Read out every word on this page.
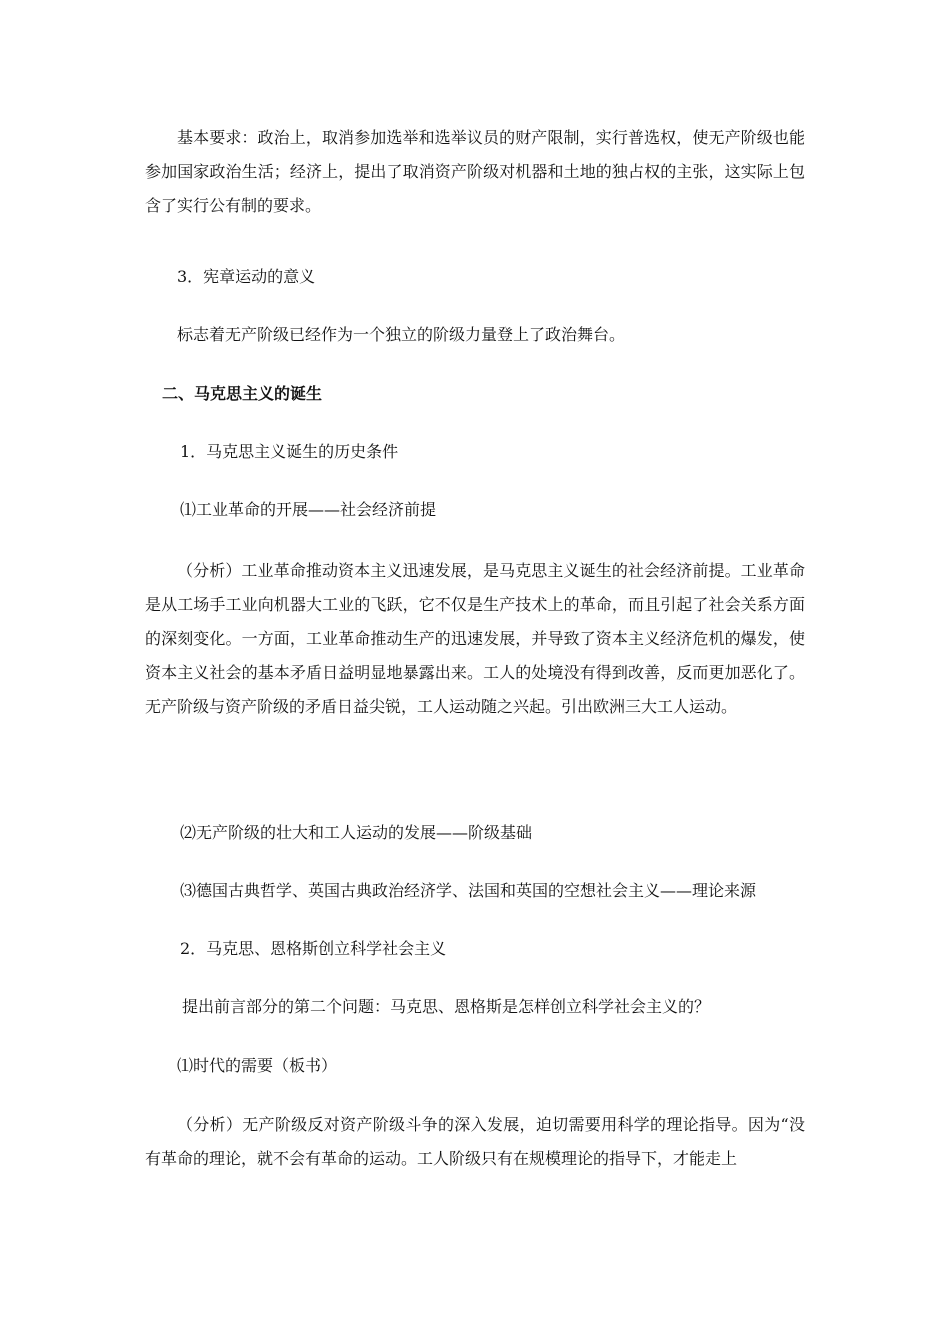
基本要求：政治上，取消参加选举和选举议员的财产限制，实行普选权，使无产阶级也能参加国家政治生活；经济上，提出了取消资产阶级对机器和土地的独占权的主张，这实际上包含了实行公有制的要求。

3．宪章运动的意义

标志着无产阶级已经作为一个独立的阶级力量登上了政治舞台。

二、马克思主义的诞生

1．马克思主义诞生的历史条件

⑴工业革命的开展——社会经济前提

（分析）工业革命推动资本主义迅速发展，是马克思主义诞生的社会经济前提。工业革命是从工场手工业向机器大工业的飞跃，它不仅是生产技术上的革命，而且引起了社会关系方面的深刻变化。一方面，工业革命推动生产的迅速发展，并导致了资本主义经济危机的爆发，使资本主义社会的基本矛盾日益明显地暴露出来。工人的处境没有得到改善，反而更加恶化了。无产阶级与资产阶级的矛盾日益尖锐，工人运动随之兴起。引出欧洲三大工人运动。

⑵无产阶级的壮大和工人运动的发展——阶级基础

⑶德国古典哲学、英国古典政治经济学、法国和英国的空想社会主义——理论来源

2．马克思、恩格斯创立科学社会主义

提出前言部分的第二个问题：马克思、恩格斯是怎样创立科学社会主义的？

⑴时代的需要（板书）

（分析）无产阶级反对资产阶级斗争的深入发展，迫切需要用科学的理论指导。因为“没有革命的理论，就不会有革命的运动。工人阶级只有在规模理论的指导下，才能走上
